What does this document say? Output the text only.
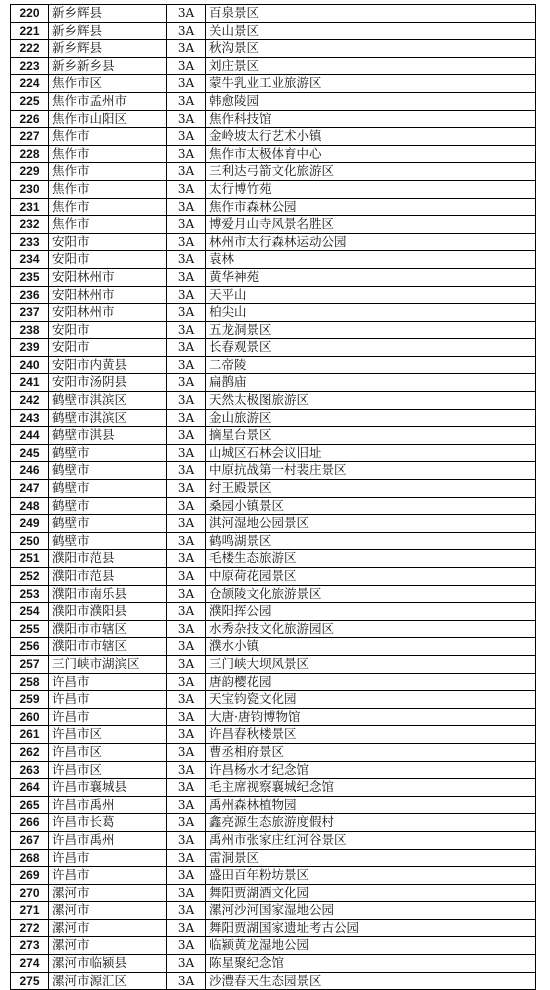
220	新乡辉县	3A	百泉景区
221	新乡辉县	3A	关山景区
222	新乡辉县	3A	秋沟景区
223	新乡新乡县	3A	刘庄景区
224	焦作市区	3A	蒙牛乳业工业旅游区
225	焦作市孟州市	3A	韩愈陵园
226	焦作市山阳区	3A	焦作科技馆
227	焦作市	3A	金岭坡太行艺术小镇
228	焦作市	3A	焦作市太极体育中心
229	焦作市	3A	三利达弓箭文化旅游区
230	焦作市	3A	太行博竹苑
231	焦作市	3A	焦作市森林公园
232	焦作市	3A	博爱月山寺风景名胜区
233	安阳市	3A	林州市太行森林运动公园
234	安阳市	3A	袁林
235	安阳林州市	3A	黄华神苑
236	安阳林州市	3A	天平山
237	安阳林州市	3A	柏尖山
238	安阳市	3A	五龙洞景区
239	安阳市	3A	长春观景区
240	安阳市内黄县	3A	二帝陵
241	安阳市汤阴县	3A	扁鹊庙
242	鹤壁市淇滨区	3A	天然太极图旅游区
243	鹤壁市淇滨区	3A	金山旅游区
244	鹤壁市淇县	3A	摘星台景区
245	鹤壁市	3A	山城区石林会议旧址
246	鹤壁市	3A	中原抗战第一村裴庄景区
247	鹤壁市	3A	纣王殿景区
248	鹤壁市	3A	桑园小镇景区
249	鹤壁市	3A	淇河湿地公园景区
250	鹤壁市	3A	鹤鸣湖景区
251	濮阳市范县	3A	毛楼生态旅游区
252	濮阳市范县	3A	中原荷花园景区
253	濮阳市南乐县	3A	仓颉陵文化旅游景区
254	濮阳市濮阳县	3A	濮阳挥公园
255	濮阳市市辖区	3A	水秀杂技文化旅游园区
256	濮阳市市辖区	3A	濮水小镇
257	三门峡市湖滨区	3A	三门峡大坝风景区
258	许昌市	3A	唐韵樱花园
259	许昌市	3A	天宝钧瓷文化园
260	许昌市	3A	大唐·唐钧博物馆
261	许昌市区	3A	许昌春秋楼景区
262	许昌市区	3A	曹丞相府景区
263	许昌市区	3A	许昌杨水才纪念馆
264	许昌市襄城县	3A	毛主席视察襄城纪念馆
265	许昌市禹州	3A	禹州森林植物园
266	许昌市长葛	3A	鑫亮源生态旅游度假村
267	许昌市禹州	3A	禹州市张家庄红河谷景区
268	许昌市	3A	雷洞景区
269	许昌市	3A	盛田百年粉坊景区
270	漯河市	3A	舞阳贾湖酒文化园
271	漯河市	3A	漯河沙河国家湿地公园
272	漯河市	3A	舞阳贾湖国家遗址考古公园
273	漯河市	3A	临颍黄龙湿地公园
274	漯河市临颍县	3A	陈星聚纪念馆
275	漯河市源汇区	3A	沙澧春天生态园景区
